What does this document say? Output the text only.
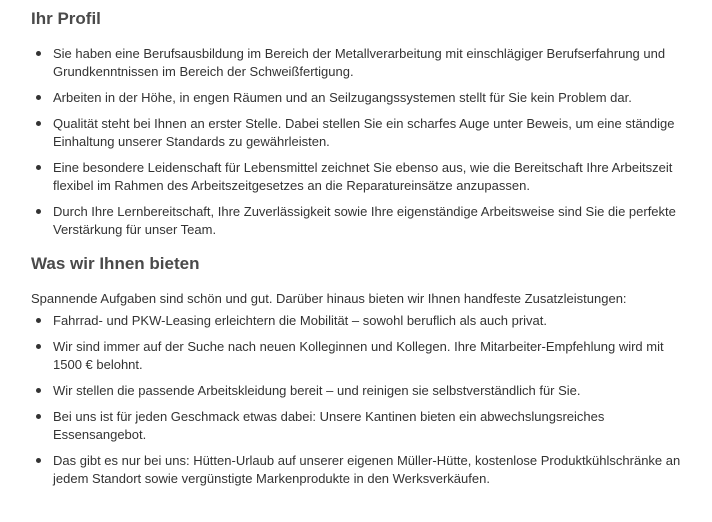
Ihr Profil
Sie haben eine Berufsausbildung im Bereich der Metallverarbeitung mit einschlägiger Berufserfahrung und Grundkenntnissen im Bereich der Schweißfertigung.
Arbeiten in der Höhe, in engen Räumen und an Seilzugangssystemen stellt für Sie kein Problem dar.
Qualität steht bei Ihnen an erster Stelle. Dabei stellen Sie ein scharfes Auge unter Beweis, um eine ständige Einhaltung unserer Standards zu gewährleisten.
Eine besondere Leidenschaft für Lebensmittel zeichnet Sie ebenso aus, wie die Bereitschaft Ihre Arbeitszeit flexibel im Rahmen des Arbeitszeitgesetzes an die Reparatureinsätze anzupassen.
Durch Ihre Lernbereitschaft, Ihre Zuverlässigkeit sowie Ihre eigenständige Arbeitsweise sind Sie die perfekte Verstärkung für unser Team.
Was wir Ihnen bieten

Spannende Aufgaben sind schön und gut. Darüber hinaus bieten wir Ihnen handfeste Zusatzleistungen:

Fahrrad- und PKW-Leasing erleichtern die Mobilität – sowohl beruflich als auch privat.
Wir sind immer auf der Suche nach neuen Kolleginnen und Kollegen. Ihre Mitarbeiter-Empfehlung wird mit 1500 € belohnt.
Wir stellen die passende Arbeitskleidung bereit – und reinigen sie selbstverständlich für Sie.
Bei uns ist für jeden Geschmack etwas dabei: Unsere Kantinen bieten ein abwechslungsreiches Essensangebot.
Das gibt es nur bei uns: Hütten-Urlaub auf unserer eigenen Müller-Hütte, kostenlose Produktkühlschränke an jedem Standort sowie vergünstigte Markenprodukte in den Werksverkäufen.
